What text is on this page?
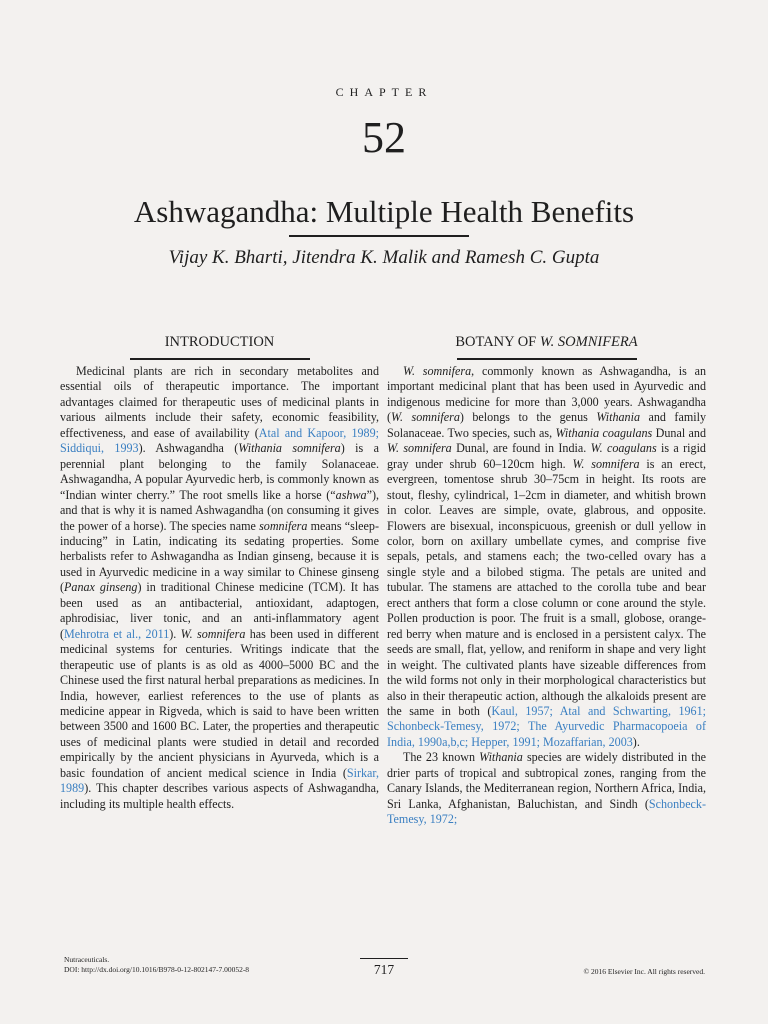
CHAPTER
52
Ashwagandha: Multiple Health Benefits
Vijay K. Bharti, Jitendra K. Malik and Ramesh C. Gupta
INTRODUCTION	BOTANY OF W. SOMNIFERA

Medicinal plants are rich in secondary metabolites and essential oils of therapeutic importance. The important advantages claimed for therapeutic uses of medicinal plants in various ailments include their safety, economic feasibility, effectiveness, and ease of availability (Atal and Kapoor, 1989; Siddiqui, 1993). Ashwagandha (Withania somnifera) is a perennial plant belonging to the family Solanaceae. Ashwagandha, A popular Ayurvedic herb, is commonly known as “Indian winter cherry.” The root smells like a horse (“ashwa”), and that is why it is named Ashwagandha (on consuming it gives the power of a horse). The species name somnifera means “sleep-inducing” in Latin, indicating its sedating properties. Some herbalists refer to Ashwagandha as Indian ginseng, because it is used in Ayurvedic medicine in a way similar to Chinese ginseng (Panax ginseng) in traditional Chinese medicine (TCM). It has been used as an antibacterial, antioxidant, adaptogen, aphrodisiac, liver tonic, and an anti-inflammatory agent (Mehrotra et al., 2011). W. somnifera has been used in different medicinal systems for centuries. Writings indicate that the therapeutic use of plants is as old as 4000–5000 BC and the Chinese used the first natural herbal preparations as medicines. In India, however, earliest references to the use of plants as medicine appear in Rigveda, which is said to have been written between 3500 and 1600 BC. Later, the properties and therapeutic uses of medicinal plants were studied in detail and recorded empirically by the ancient physicians in Ayurveda, which is a basic foundation of ancient medical science in India (Sirkar, 1989). This chapter describes various aspects of Ashwagandha, including its multiple health effects.

W. somnifera, commonly known as Ashwagandha, is an important medicinal plant that has been used in Ayurvedic and indigenous medicine for more than 3,000 years. Ashwagandha (W. somnifera) belongs to the genus Withania and family Solanaceae. Two species, such as, Withania coagulans Dunal and W. somnifera Dunal, are found in India. W. coagulans is a rigid gray under shrub 60–120cm high. W. somnifera is an erect, evergreen, tomentose shrub 30–75cm in height. Its roots are stout, fleshy, cylindrical, 1–2cm in diameter, and whitish brown in color. Leaves are simple, ovate, glabrous, and opposite. Flowers are bisexual, inconspicuous, greenish or dull yellow in color, born on axillary umbellate cymes, and comprise five sepals, petals, and stamens each; the two-celled ovary has a single style and a bilobed stigma. The petals are united and tubular. The stamens are attached to the corolla tube and bear erect anthers that form a close column or cone around the style. Pollen production is poor. The fruit is a small, globose, orange-red berry when mature and is enclosed in a persistent calyx. The seeds are small, flat, yellow, and reniform in shape and very light in weight. The cultivated plants have sizeable differences from the wild forms not only in their morphological characteristics but also in their therapeutic action, although the alkaloids present are the same in both (Kaul, 1957; Atal and Schwarting, 1961; Schonbeck-Temesy, 1972; The Ayurvedic Pharmacopoeia of India, 1990a,b,c; Hepper, 1991; Mozaffarian, 2003).

The 23 known Withania species are widely distributed in the drier parts of tropical and subtropical zones, ranging from the Canary Islands, the Mediterranean region, Northern Africa, India, Sri Lanka, Afghanistan, Baluchistan, and Sindh (Schonbeck-Temesy, 1972;

Nutraceuticals.
DOI: http://dx.doi.org/10.1016/B978-0-12-802147-7.00052-8	717	© 2016 Elsevier Inc. All rights reserved.
